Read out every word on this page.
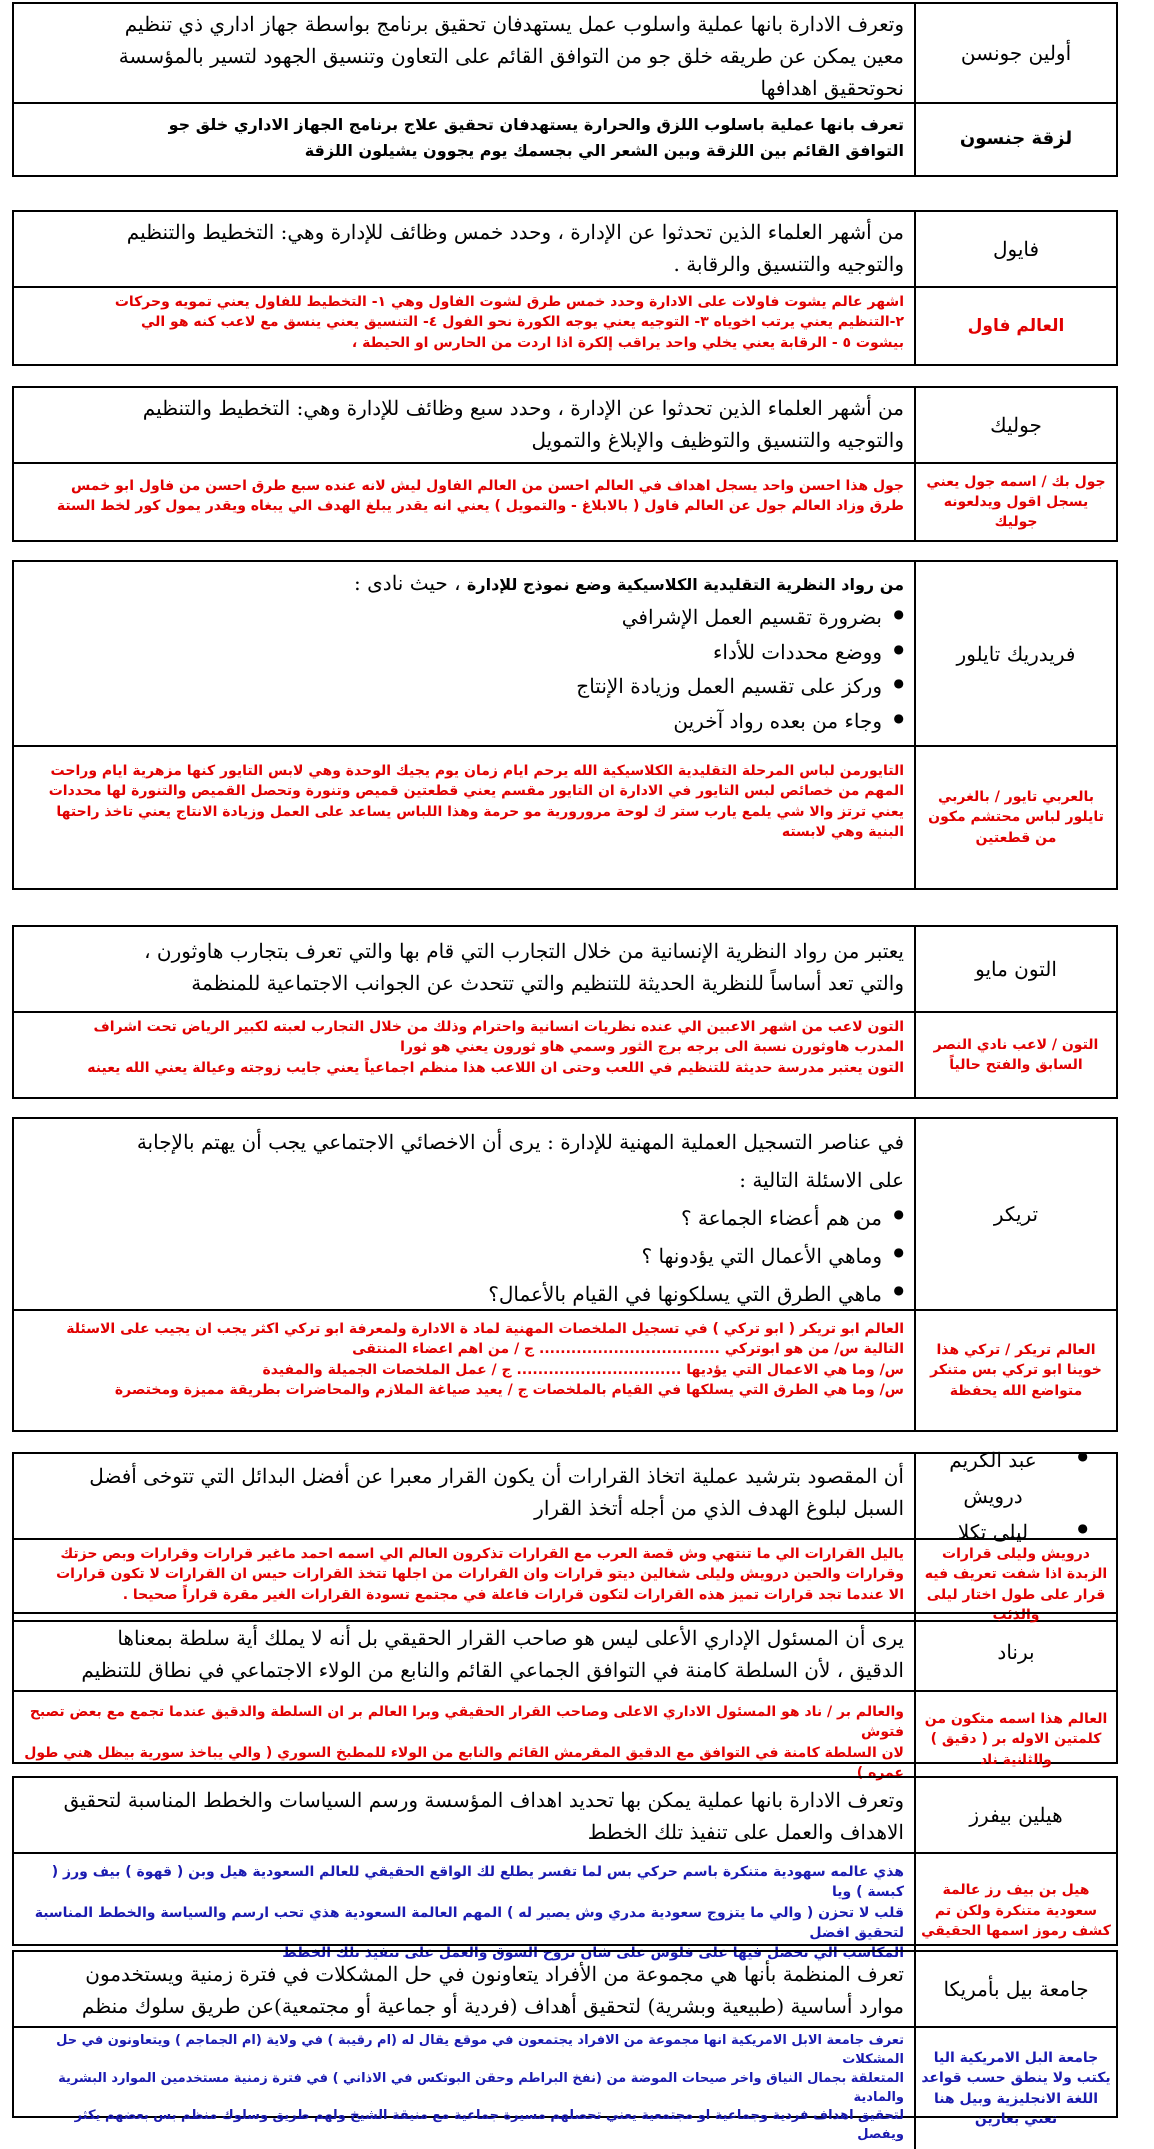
أولين جونسن
وتعرف الادارة بانها عملية واسلوب عمل يستهدفان تحقيق برنامج بواسطة جهاز اداري ذي تنظيم
معين يمكن عن طريقه خلق جو من التوافق القائم على التعاون وتنسيق الجهود لتسير بالمؤسسة
نحوتحقيق اهدافها
لزقة جنسون
تعرف بانها عملية باسلوب اللزق والحرارة يستهدفان تحقيق علاج برنامج الجهاز الاداري خلق جو
التوافق القائم بين اللزقة وبين الشعر الي بجسمك يوم يجوون يشيلون اللزقة
فايول
من أشهر العلماء الذين تحدثوا عن الإدارة ، وحدد خمس وظائف للإدارة وهي: التخطيط والتنظيم
والتوجيه والتنسيق والرقابة .
العالم فاول
اشهر عالم يشوت فاولات على الادارة وحدد خمس طرق لشوت الفاول وهي ١- التخطيط للفاول يعني تمويه وحركات
٢-التنظيم يعني يرتب اخوياه ٣- التوجيه يعني يوجه الكورة نحو الفول ٤- التنسيق يعني ينسق مع لاعب كنه هو الي
بيشوت ٥ - الرقابة يعني يخلي واحد يراقب إلكرة اذا اردت من الحارس او الحيطة ،
جوليك
من أشهر العلماء الذين تحدثوا عن الإدارة ، وحدد سبع وظائف للإدارة وهي: التخطيط والتنظيم
والتوجيه والتنسيق والتوظيف والإبلاغ والتمويل
جول بك / اسمه جول يعني يسجل اقول ويدلعونه جوليك
جول هذا احسن واحد يسجل اهداف في العالم احسن من العالم الفاول ليش لانه عنده سبع طرق احسن من فاول ابو خمس
طرق وزاد العالم جول عن العالم فاول ( بالابلاغ - والتمويل ) يعني انه يقدر يبلغ الهدف الي يبغاه ويقدر يمول كور لخط الستة
فريدريك تايلور
من رواد النظرية التقليدية الكلاسيكية وضع نموذج للإدارة ، حيث نادى :
● بضرورة تقسيم العمل الإشرافي
● ووضع محددات للأداء
● وركز على تقسيم العمل وزيادة الإنتاج
● وجاء من بعده رواد آخرين
بالعربي تايور / بالغربي تايلور لباس محتشم مكون من قطعتين
التايورمن لباس المرحلة التقليدية الكلاسيكية الله يرحم ايام زمان يوم يجيك الوحدة وهي لابس التايور كنها مزهرية ايام وراحت
المهم من خصائص لبس التايور في الادارة ان التايور مقسم يعني قطعتين قميص وتنورة وتحصل القميص والتنورة لها محددات
يعني ترتز والا شي يلمع يارب ستر ك لوحة مرورورية مو حرمة وهذا اللباس يساعد على العمل وزيادة الانتاج يعني تاخذ راحتها
البنية وهي لابسته
التون مايو
يعتبر من رواد النظرية الإنسانية من خلال التجارب التي قام بها والتي تعرف بتجارب هاوثورن ،
والتي تعد أساساً للنظرية الحديثة للتنظيم والتي تتحدث عن الجوانب الاجتماعية للمنظمة
التون / لاعب نادي النصر السابق والفتح حالياً
التون لاعب من اشهر الاعبين الي عنده نظريات انسانية واحترام وذلك من خلال التجارب لعبته لكبير الرياض تحت اشراف
المدرب هاوثورن نسبة الى برجه برج الثور وسمي هاو ثورون يعني هو ثورا
التون يعتبر مدرسة حديثة للتنظيم في اللعب وحتى ان اللاعب هذا منظم اجماعياً يعني جايب زوجته وعيالة يعني الله يعينه
تريكر
في عناصر التسجيل العملية المهنية للإدارة : يرى أن الاخصائي الاجتماعي يجب أن يهتم بالإجابة
على الاسئلة التالية :
● من هم أعضاء الجماعة ؟
● وماهي الأعمال التي يؤدونها ؟
● ماهي الطرق التي يسلكونها في القيام بالأعمال؟
العالم تريكر / تركي هذا خوينا ابو تركي بس متنكر متواضع الله يحفظة
العالم ابو تريكر ( ابو تركي ) في تسجيل الملخصات المهنية لماد ة الادارة ولمعرفة ابو تركي اكثر يجب ان يجيب على الاسئلة
التالية س/ من هو ابوتركي .................................. ج / من اهم اعضاء المنتقى
س/ وما هي الاعمال التي يؤديها ............................... ج / عمل الملخصات الجميلة والمفيدة
س/ وما هي الطرق التي يسلكها في القيام بالملخصات ج / يعيد صياغة الملازم والمحاضرات بطريقة مميزة ومختصرة
● عبد الكريم درويش
● ليلى تكلا
أن المقصود بترشيد عملية اتخاذ القرارات أن يكون القرار معبرا عن أفضل البدائل التي تتوخى أفضل
السبل لبلوغ الهدف الذي من أجله أتخذ القرار
درويش وليلى قرارات الزبدة اذا شفت تعريف فيه قرار على طول اختار ليلى والذئب
ياليل القرارات الي ما تنتهي وش قصة العرب مع القرارات تذكرون العالم الي اسمه احمد ماغير قرارات وقرارات وبص حزتك
وقرارات والحين درويش وليلى شغالين ديتو قرارات وان القرارات من اجلها تتخذ القرارات حيس ان القرارات لا تكون قرارات
الا عندما تجد قرارات تميز هذه القرارات لتكون قرارات فاعلة في مجتمع تسودة القرارات الغير مقرة قراراً صحيحا .
برناد
يرى أن المسئول الإداري الأعلى ليس هو صاحب القرار الحقيقي بل أنه لا يملك أية سلطة بمعناها
الدقيق ، لأن السلطة كامنة في التوافق الجماعي القائم والنابع من الولاء الاجتماعي في نطاق للتنظيم
العالم هذا اسمه متكون من كلمتين الاوله بر ( دقيق ) والثانية ناد
والعالم بر / ناد هو المسئول الاداري الاعلى وصاحب القرار الحقيقي وبرا العالم بر ان السلطة والدقيق عندما تجمع مع بعض تصبح فتوش
لان السلطة كامنة في التوافق مع الدقيق المقرمش القائم والنابع من الولاء للمطبخ السوري ( والي يباخذ سورية بيظل هني طول عمره )
هيلين بيفرز
وتعرف الادارة بانها عملية يمكن بها تحديد اهداف المؤسسة ورسم السياسات والخطط المناسبة لتحقيق
الاهداف والعمل على تنفيذ تلك الخطط
هيل بن بيف رز عالمة سعودية متنكرة ولكن تم كشف رموز اسمها الحقيقي
هذي عالمه سهودية متنكرة باسم حركي بس لما تفسر يطلع لك الواقع الحقيقي للعالم السعودية هيل وبن ( قهوة ) بيف ورز ( كبسة ) ويا
قلب لا تحزن ( والي ما يتزوج سعودية مدري وش يصير له ) المهم العالمة السعودية هذي تحب ارسم والسياسة والخطط المناسبة لتحقيق افضل
المكاسب الي تحصل فيها على فلوس على شان تروح السوق والعمل على تنفيذ تلك الخطط
جامعة بيل بأمريكا
تعرف المنظمة بأنها هي مجموعة من الأفراد يتعاونون في حل المشكلات في فترة زمنية ويستخدمون
موارد أساسية (طبيعية وبشرية) لتحقيق أهداف (فردية أو جماعية أو مجتمعية)عن طريق سلوك منظم
جامعة البل الامريكية اليا يكتب ولا ينطق حسب قواعد اللغة الانجليزية وبيل هنا تعني بعارين
تعرف جامعة الابل الامريكية انها مجموعة من الافراد يجتمعون في موقع يقال له (ام رقيبة ) في ولاية (ام الجماجم ) ويتعاونون في حل المشكلات
المتعلقة بجمال النياق واخر صيحات الموضة من (نفخ البراطم وحقن البوتكس في الاذاني ) في فترة زمنية مستخدمين الموارد البشرية والمادية
لتحقيق اهداف فردية وجماعية او مجتمعية يعني تحصلهم مسيرة جماعية مع منيقة الشيخ ولهم طريق وسلوك منظم بس بعضهم يكثر ويفصل
